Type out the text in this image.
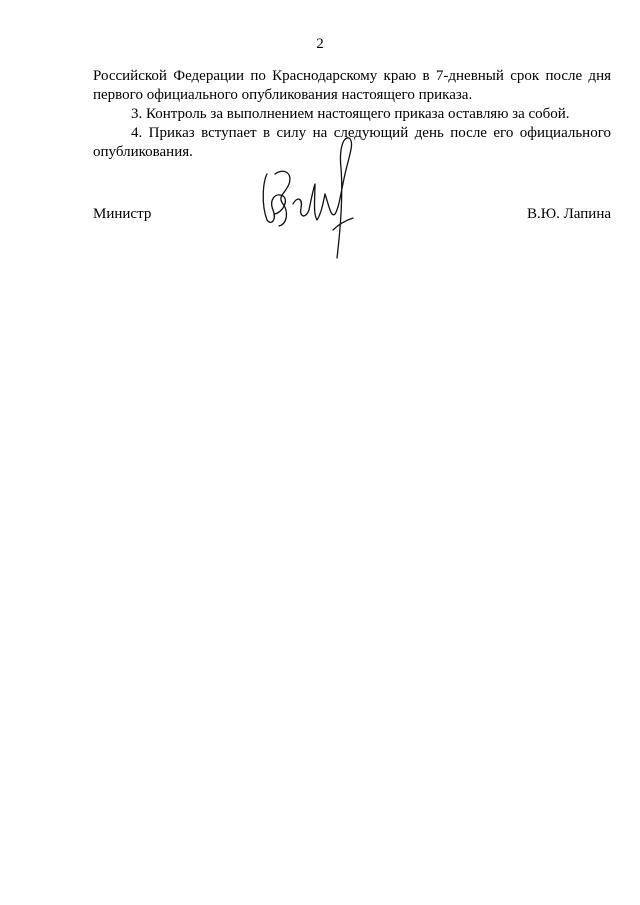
2

Российской Федерации по Краснодарскому краю в 7-дневный срок после дня
первого официального опубликования настоящего приказа.

3. Контроль за выполнением настоящего приказа оставляю за собой.

4. Приказ вступает в силу на следующий день после его официального
опубликования.

Министр	В.Ю. Лапина
